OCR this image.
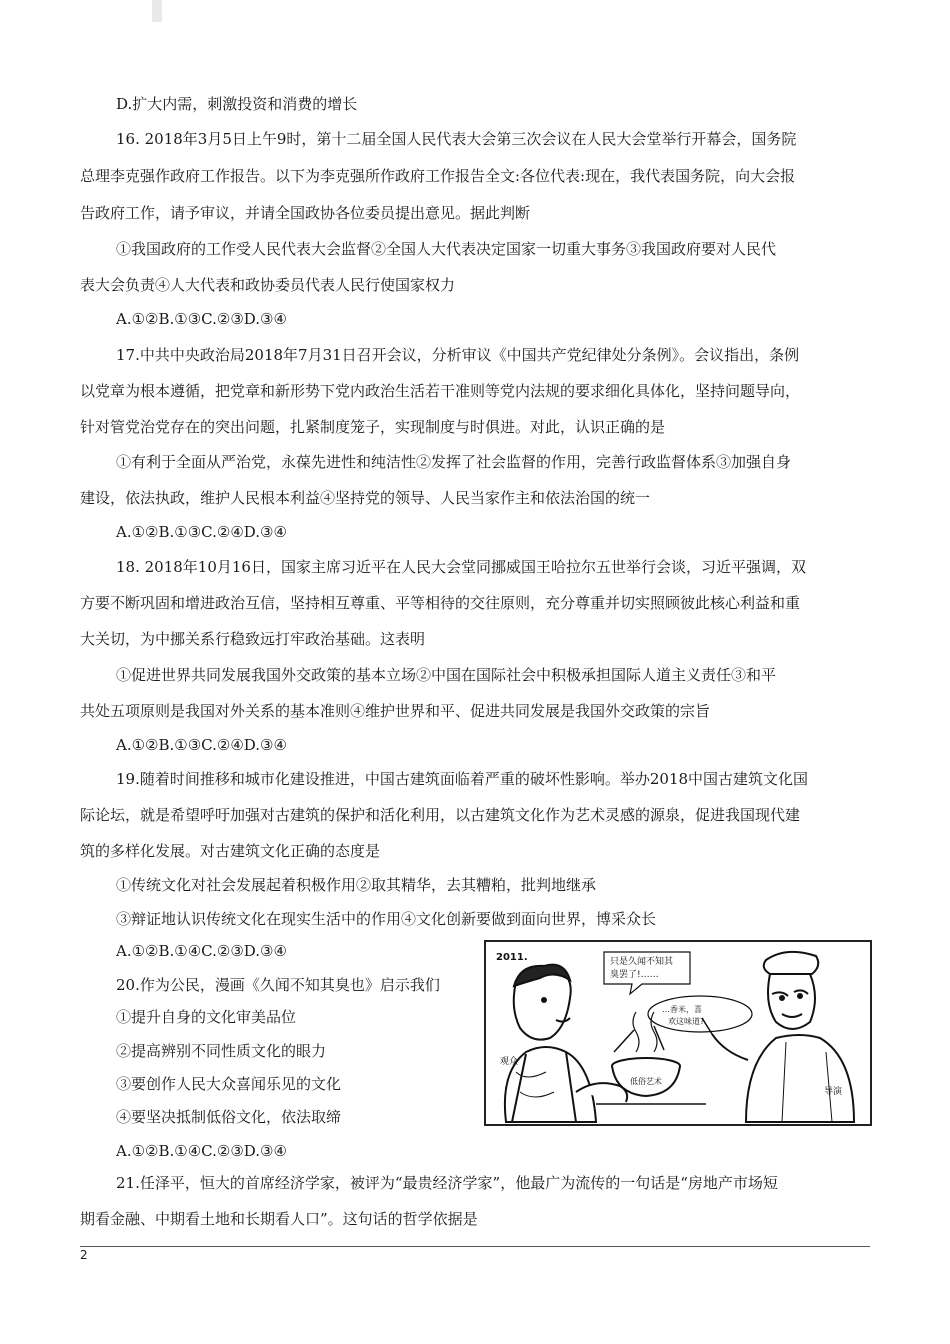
D.扩大内需，刺激投资和消费的增长
16. 2018年3月5日上午9时，第十二届全国人民代表大会第三次会议在人民大会堂举行开幕会，国务院
总理李克强作政府工作报告。以下为李克强所作政府工作报告全文:各位代表:现在，我代表国务院，向大会报
告政府工作，请予审议，并请全国政协各位委员提出意见。据此判断
①我国政府的工作受人民代表大会监督②全国人大代表决定国家一切重大事务③我国政府要对人民代
表大会负责④人大代表和政协委员代表人民行使国家权力
A.①②B.①③C.②③D.③④
17.中共中央政治局2018年7月31日召开会议，分析审议《中国共产党纪律处分条例》。会议指出，条例
以党章为根本遵循，把党章和新形势下党内政治生活若干准则等党内法规的要求细化具体化，坚持问题导向，
针对管党治党存在的突出问题，扎紧制度笼子，实现制度与时俱进。对此，认识正确的是
①有利于全面从严治党，永葆先进性和纯洁性②发挥了社会监督的作用，完善行政监督体系③加强自身
建设，依法执政，维护人民根本利益④坚持党的领导、人民当家作主和依法治国的统一
A.①②B.①③C.②④D.③④
18. 2018年10月16日，国家主席习近平在人民大会堂同挪威国王哈拉尔五世举行会谈，习近平强调，双
方要不断巩固和增进政治互信，坚持相互尊重、平等相待的交往原则，充分尊重并切实照顾彼此核心利益和重
大关切，为中挪关系行稳致远打牢政治基础。这表明
①促进世界共同发展我国外交政策的基本立场②中国在国际社会中积极承担国际人道主义责任③和平
共处五项原则是我国对外关系的基本准则④维护世界和平、促进共同发展是我国外交政策的宗旨
A.①②B.①③C.②④D.③④
19.随着时间推移和城市化建设推进，中国古建筑面临着严重的破坏性影响。举办2018中国古建筑文化国
际论坛，就是希望呼吁加强对古建筑的保护和活化利用，以古建筑文化作为艺术灵感的源泉，促进我国现代建
筑的多样化发展。对古建筑文化正确的态度是
①传统文化对社会发展起着积极作用②取其精华，去其糟粕，批判地继承
③辩证地认识传统文化在现实生活中的作用④文化创新要做到面向世界，博采众长
A.①②B.①④C.②③D.③④
20.作为公民，漫画《久闻不知其臭也》启示我们
①提升自身的文化审美品位
②提高辨别不同性质文化的眼力
③要创作人民大众喜闻乐见的文化
④要坚决抵制低俗文化，依法取缔
A.①②B.①④C.②③D.③④
21.任泽平，恒大的首席经济学家，被评为“最贵经济学家”，他最广为流传的一句话是“房地产市场短
期看金融、中期看土地和长期看人口”。这句话的哲学依据是
2011.
观众
只是久闻不知其
臭罢了!……
…香米，喜
欢这味道?
导演
低俗艺术
2
